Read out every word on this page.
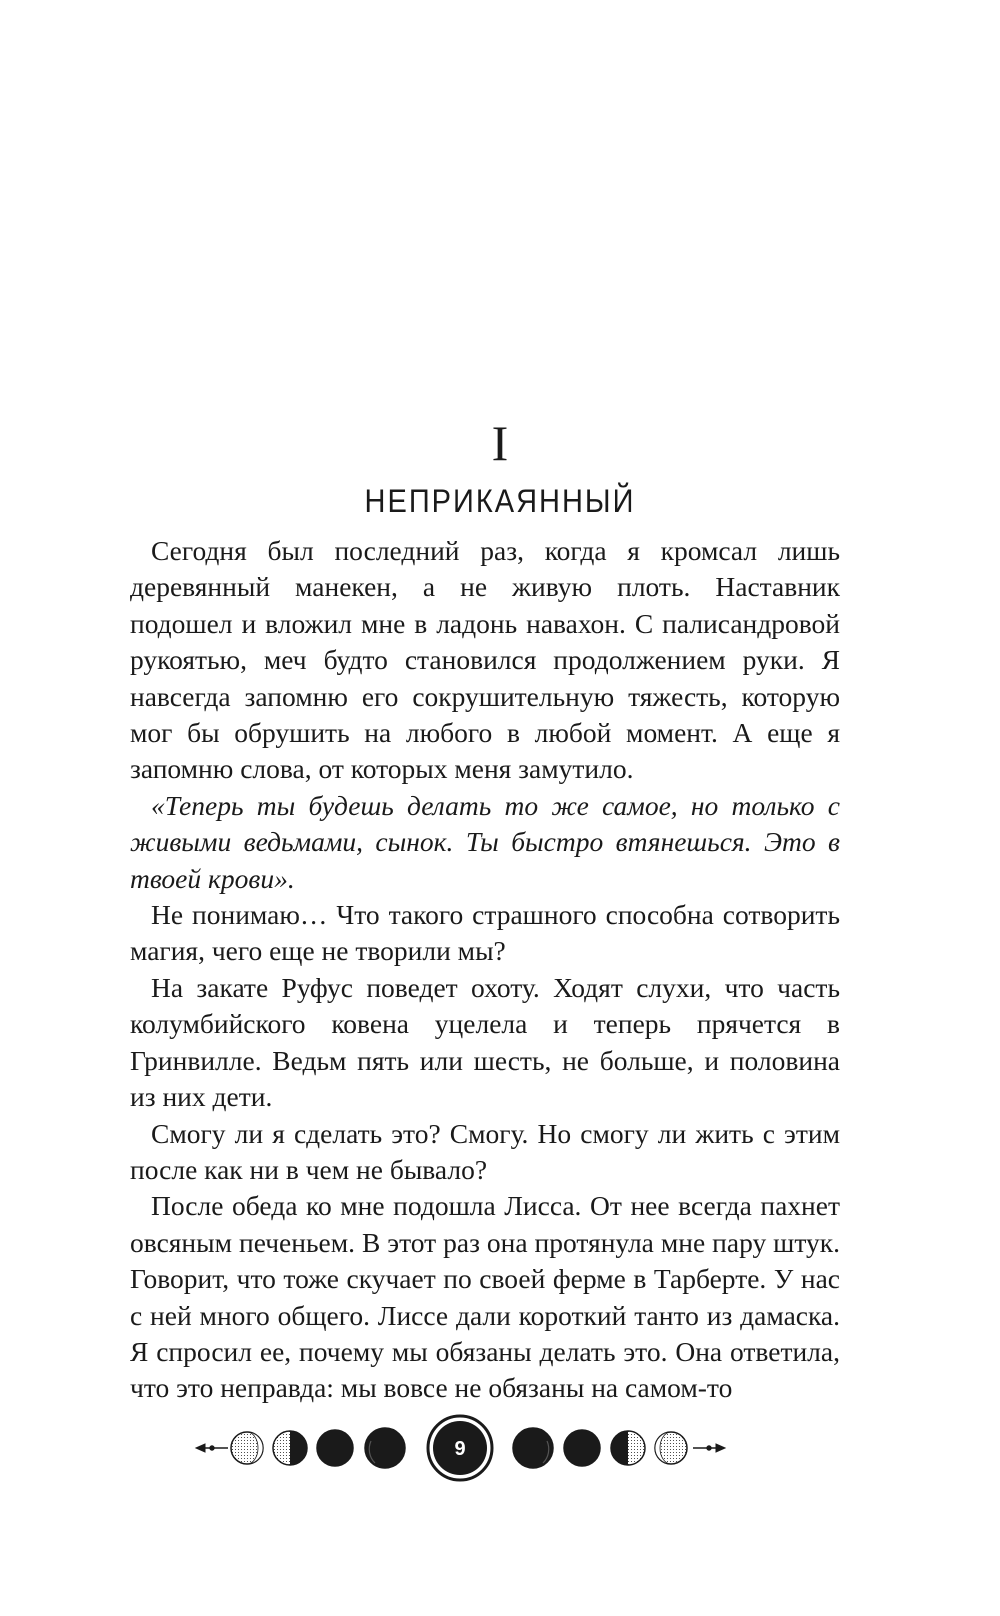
I
НЕПРИКАЯННЫЙ

Сегодня был последний раз, когда я кромсал лишь деревянный манекен, а не живую плоть. Наставник подошел и вложил мне в ладонь навахон. С палисандровой рукоятью, меч будто становился продолжением руки. Я навсегда запомню его сокрушительную тяжесть, которую мог бы обрушить на любого в любой момент. А еще я запомню слова, от которых меня замутило.

«Теперь ты будешь делать то же самое, но только с живыми ведьмами, сынок. Ты быстро втянешься. Это в твоей крови».

Не понимаю… Что такого страшного способна сотворить магия, чего еще не творили мы?

На закате Руфус поведет охоту. Ходят слухи, что часть колумбийского ковена уцелела и теперь прячется в Гринвилле. Ведьм пять или шесть, не больше, и половина из них дети.

Смогу ли я сделать это? Смогу. Но смогу ли жить с этим после как ни в чем не бывало?

После обеда ко мне подошла Лисса. От нее всегда пахнет овсяным печеньем. В этот раз она протянула мне пару штук. Говорит, что тоже скучает по своей ферме в Тарберте. У нас с ней много общего. Лиссе дали короткий танто из дамаска. Я спросил ее, почему мы обязаны делать это. Она ответила, что это неправда: мы вовсе не обязаны на самом-то

9
